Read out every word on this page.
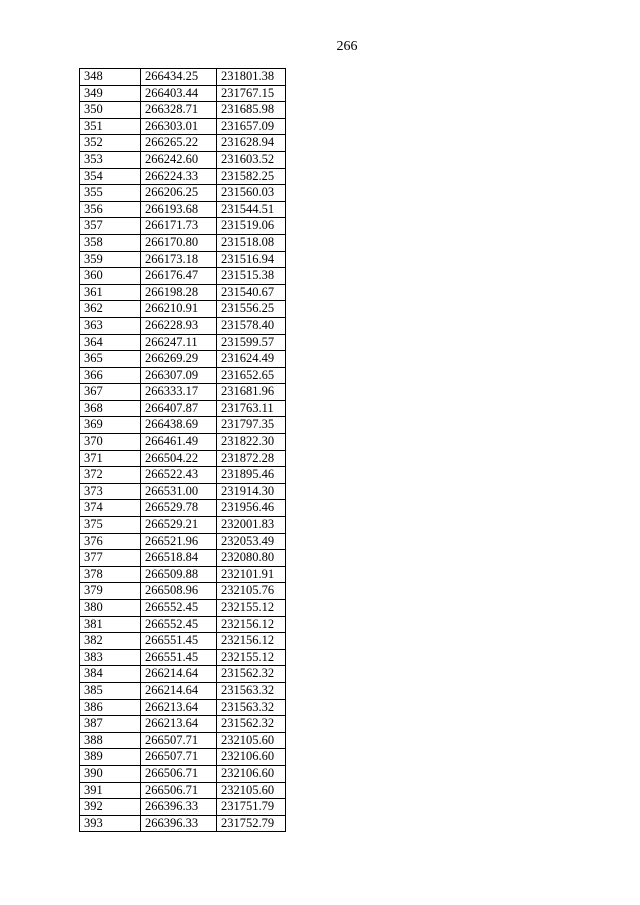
266
348	266434.25	231801.38
349	266403.44	231767.15
350	266328.71	231685.98
351	266303.01	231657.09
352	266265.22	231628.94
353	266242.60	231603.52
354	266224.33	231582.25
355	266206.25	231560.03
356	266193.68	231544.51
357	266171.73	231519.06
358	266170.80	231518.08
359	266173.18	231516.94
360	266176.47	231515.38
361	266198.28	231540.67
362	266210.91	231556.25
363	266228.93	231578.40
364	266247.11	231599.57
365	266269.29	231624.49
366	266307.09	231652.65
367	266333.17	231681.96
368	266407.87	231763.11
369	266438.69	231797.35
370	266461.49	231822.30
371	266504.22	231872.28
372	266522.43	231895.46
373	266531.00	231914.30
374	266529.78	231956.46
375	266529.21	232001.83
376	266521.96	232053.49
377	266518.84	232080.80
378	266509.88	232101.91
379	266508.96	232105.76
380	266552.45	232155.12
381	266552.45	232156.12
382	266551.45	232156.12
383	266551.45	232155.12
384	266214.64	231562.32
385	266214.64	231563.32
386	266213.64	231563.32
387	266213.64	231562.32
388	266507.71	232105.60
389	266507.71	232106.60
390	266506.71	232106.60
391	266506.71	232105.60
392	266396.33	231751.79
393	266396.33	231752.79
